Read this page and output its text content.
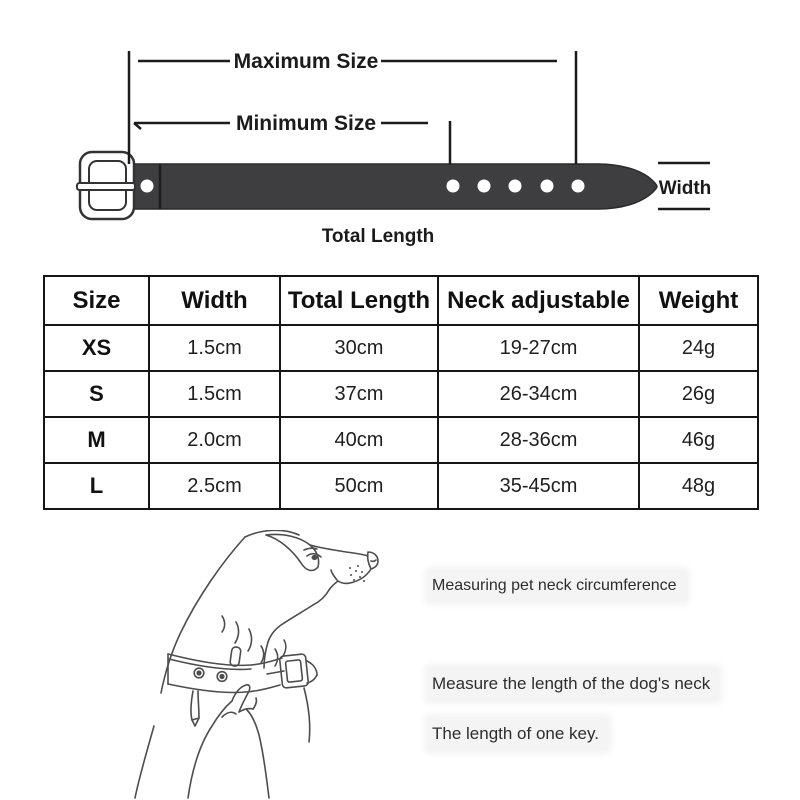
Maximum Size
Minimum Size
Width
Total Length
Size	Width	Total Length	Neck adjustable	Weight
XS	1.5cm	30cm	19-27cm	24g
S	1.5cm	37cm	26-34cm	26g
M	2.0cm	40cm	28-36cm	46g
L	2.5cm	50cm	35-45cm	48g
Measuring pet neck circumference
Measure the length of the dog's neck
The length of one key.
